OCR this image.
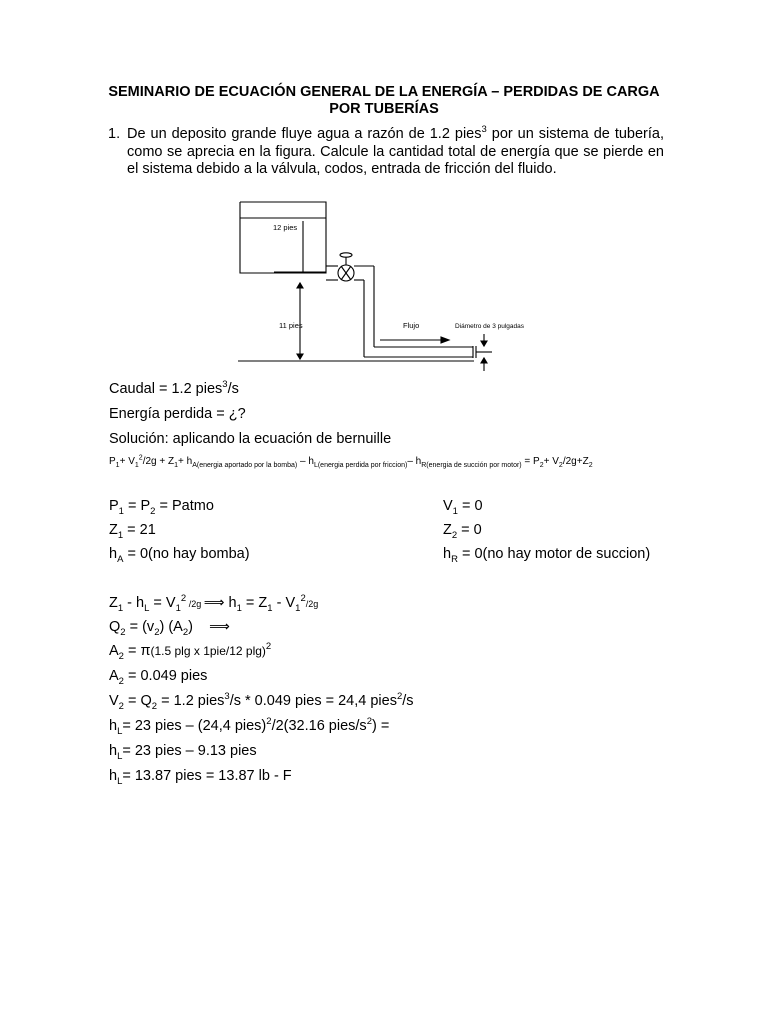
SEMINARIO DE ECUACIÓN GENERAL DE LA ENERGÍA – PERDIDAS DE CARGA POR TUBERÍAS
1. De un deposito grande fluye agua a razón de 1.2 pies$^3$ por un sistema de tubería, como se aprecia en la figura. Calcule la cantidad total de energía que se pierde en el sistema debido a la válvula, codos, entrada de fricción del fluido.
12 pies
11 pies	Flujo	Diámetro de 3 pulgadas
Caudal = 1.2 pies$^3$/s
Energía perdida = ¿?
Solución: aplicando la ecuación de bernuille
$P_1+ V_1^2/2g + Z_1+ h_{A(energia aportado por la bomba)} - h_{L(energia perdida por friccion)}-$ $h_{R(energia de succión por motor)} = P_2+ V_2/2g+Z_2$
$P_1 = P_2$ = Patmo
$Z_1 = 21$
$h_A = 0(no$ hay bomba)
$V_1 = 0$
$Z_2 = 0$
$h_R = 0(no$ hay motor de succion)
$Z_1 - h_L = V_1^2$ /2g ⟹ $h_1 = Z_1 - V_1^2/2g$
$Q_2 = (v_2)$ $(A_2)$    ⟹
$A_2 = \pi(1.5$ plg x 1pie/12 plg)$^2$
$A_2 = 0.049$ pies
$V_2 = Q_2 = 1.2$ pies$^3$/s * 0.049 pies = 24,4 pies$^2$/s
$h_L= 23$ pies – (24,4 pies)$^2$/2(32.16 pies/$s^2$) =
$h_L= 23$ pies – 9.13 pies
$h_L= 13.87$ pies = 13.87 lb - F
